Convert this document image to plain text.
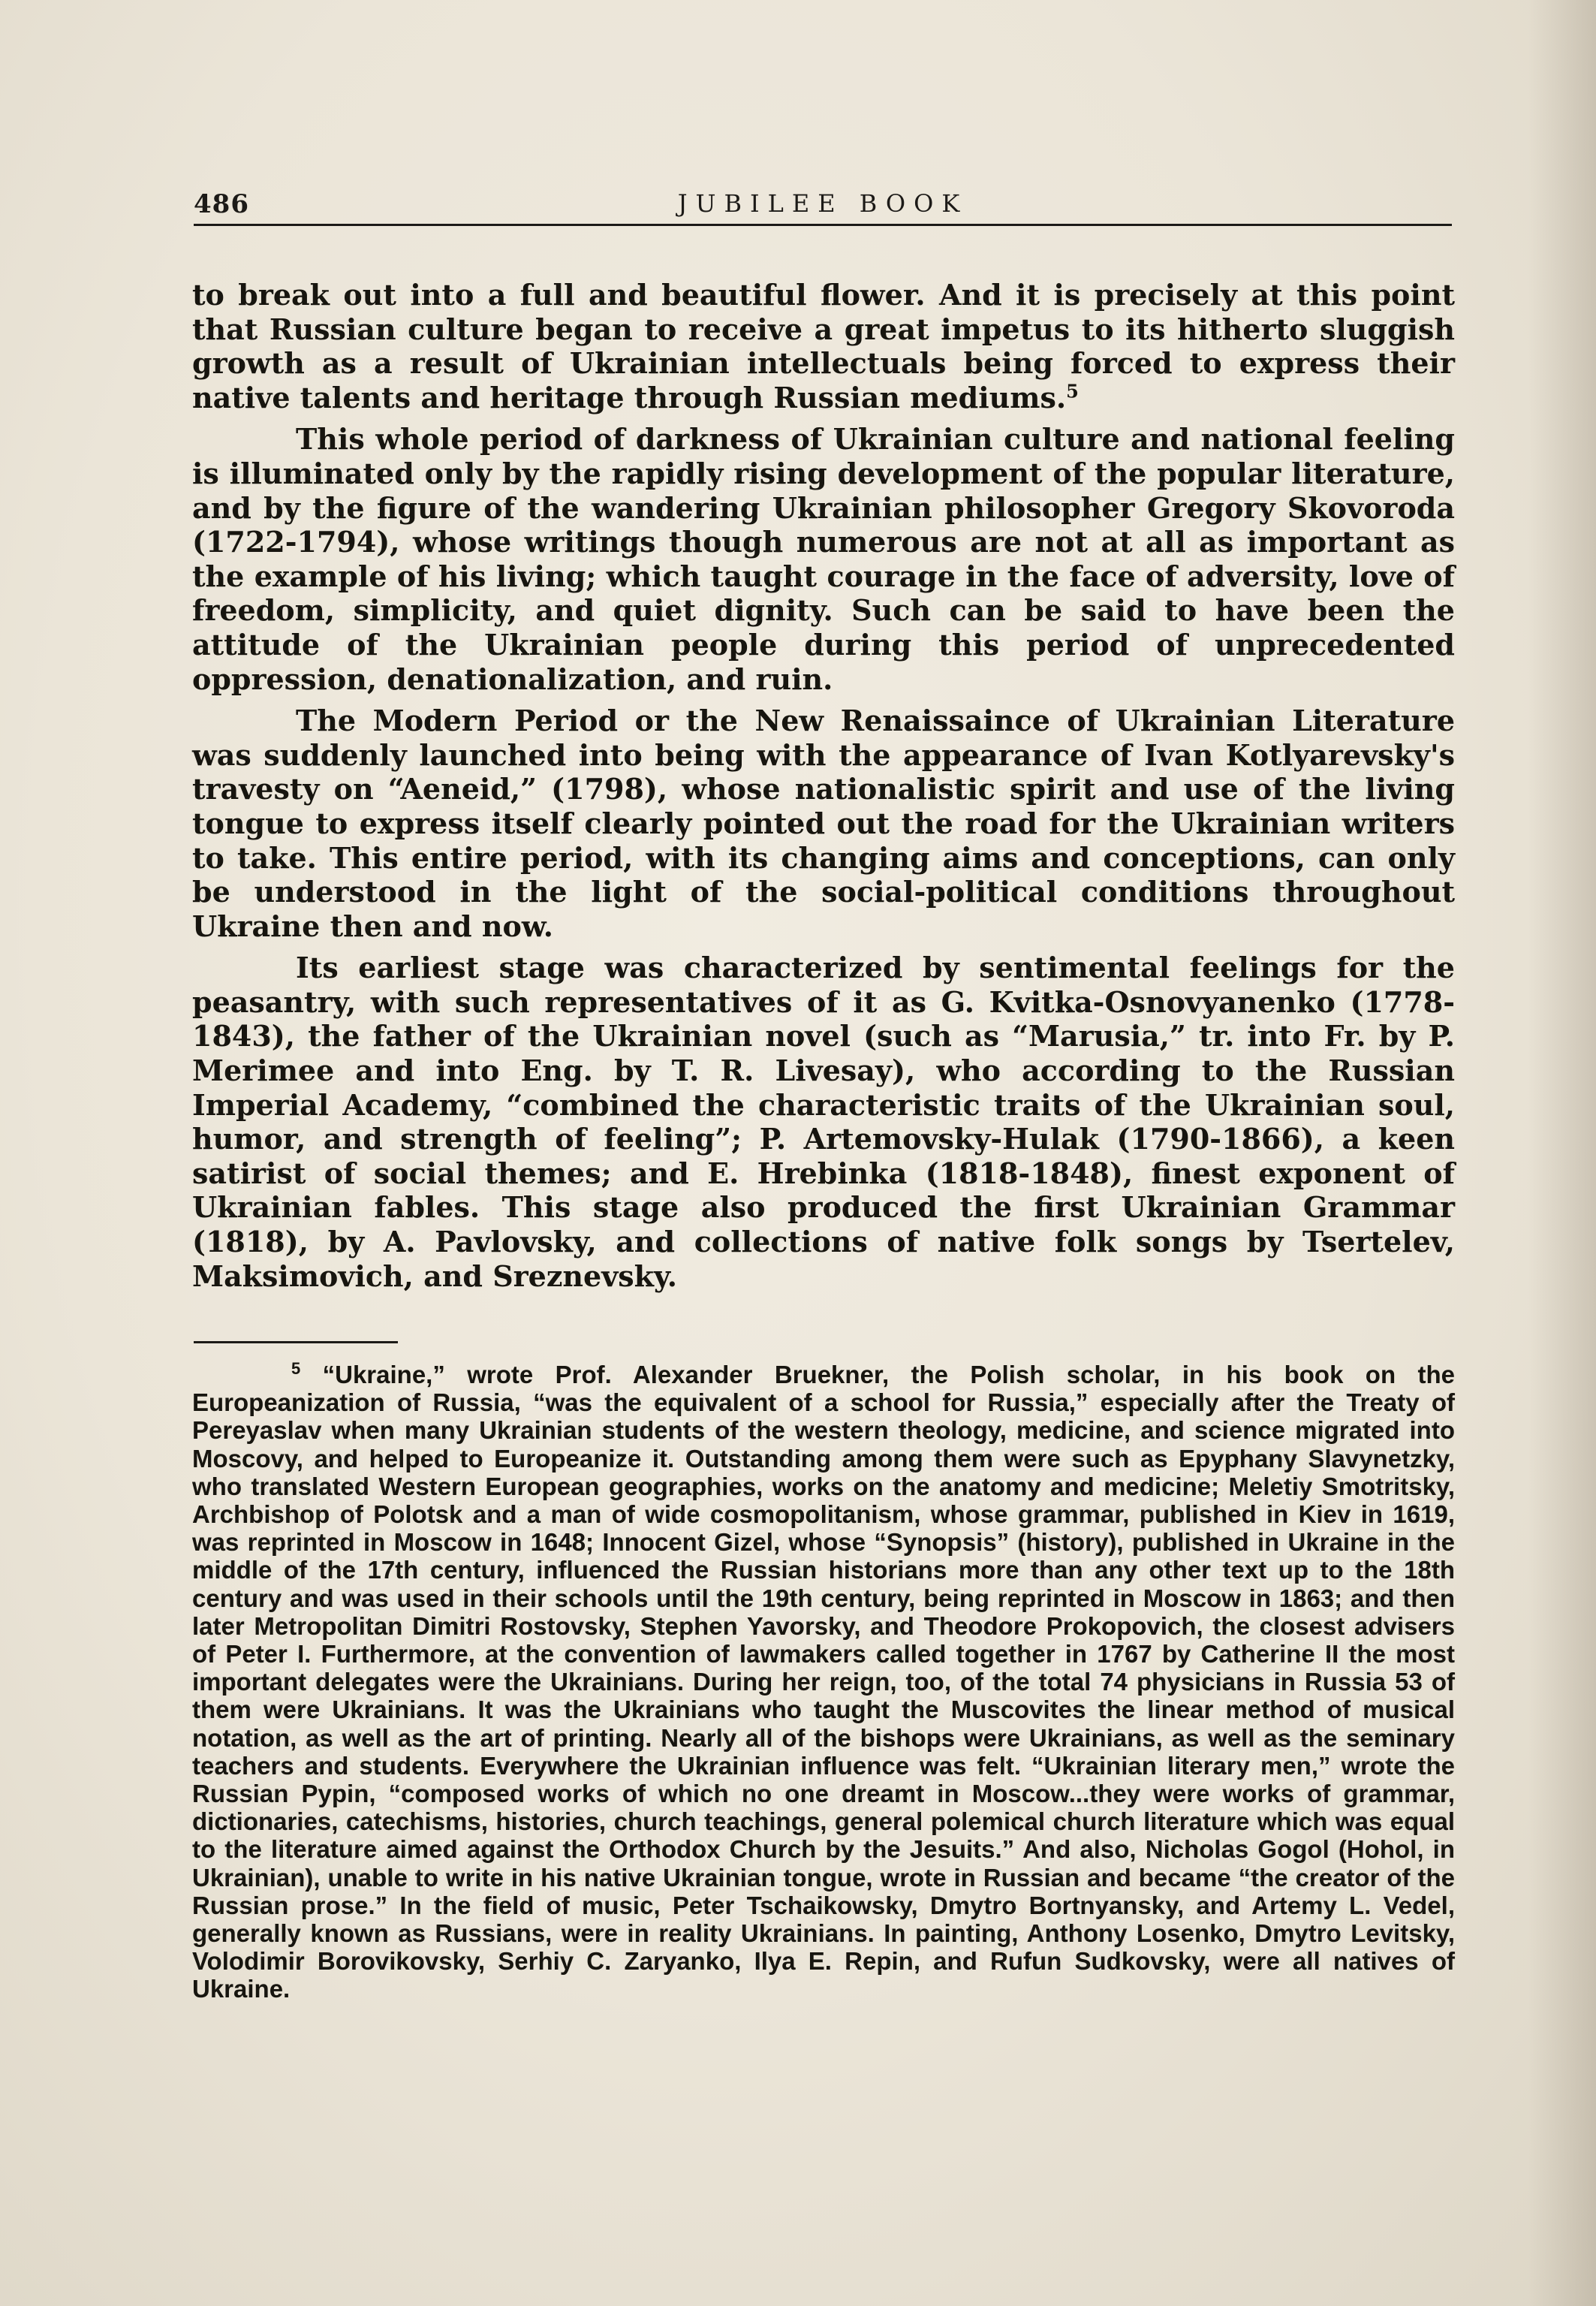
486	JUBILEE BOOK

to break out into a full and beautiful flower. And it is precisely at this point that Russian culture began to receive a great impetus to its hitherto sluggish growth as a result of Ukrainian intellectuals being forced to express their native talents and heritage through Russian mediums.$^5$

This whole period of darkness of Ukrainian culture and national feeling is illuminated only by the rapidly rising development of the popular literature, and by the figure of the wandering Ukrainian philosopher Gregory Skovoroda (1722-1794), whose writings though numerous are not at all as important as the example of his living; which taught courage in the face of adversity, love of freedom, simplicity, and quiet dignity. Such can be said to have been the attitude of the Ukrainian people during this period of unprecedented oppression, denationalization, and ruin.

The Modern Period or the New Renaissaince of Ukrainian Literature was suddenly launched into being with the appearance of Ivan Kotlyarevsky's travesty on “Aeneid,” (1798), whose nationalistic spirit and use of the living tongue to express itself clearly pointed out the road for the Ukrainian writers to take. This entire period, with its changing aims and conceptions, can only be understood in the light of the social-political conditions throughout Ukraine then and now.

Its earliest stage was characterized by sentimental feelings for the peasantry, with such representatives of it as G. Kvitka-Osnovyanenko (1778-1843), the father of the Ukrainian novel (such as “Marusia,” tr. into Fr. by P. Merimee and into Eng. by T. R. Livesay), who according to the Russian Imperial Academy, “combined the characteristic traits of the Ukrainian soul, humor, and strength of feeling”; P. Artemovsky-Hulak (1790-1866), a keen satirist of social themes; and E. Hrebinka (1818-1848), finest exponent of Ukrainian fables. This stage also produced the first Ukrainian Grammar (1818), by A. Pavlovsky, and collections of native folk songs by Tsertelev, Maksimovich, and Sreznevsky.

$^5$ “Ukraine,” wrote Prof. Alexander Bruekner, the Polish scholar, in his book on the Europeanization of Russia, “was the equivalent of a school for Russia,” especially after the Treaty of Pereyaslav when many Ukrainian students of the western theology, medicine, and science migrated into Moscovy, and helped to Europeanize it. Outstanding among them were such as Epyphany Slavynetzky, who translated Western European geographies, works on the anatomy and medicine; Meletiy Smotritsky, Archbishop of Polotsk and a man of wide cosmopolitanism, whose grammar, published in Kiev in 1619, was reprinted in Moscow in 1648; Innocent Gizel, whose “Synopsis” (history), published in Ukraine in the middle of the 17th century, influenced the Russian historians more than any other text up to the 18th century and was used in their schools until the 19th century, being reprinted in Moscow in 1863; and then later Metropolitan Dimitri Rostovsky, Stephen Yavorsky, and Theodore Prokopovich, the closest advisers of Peter I. Furthermore, at the convention of lawmakers called together in 1767 by Catherine II the most important delegates were the Ukrainians. During her reign, too, of the total 74 physicians in Russia 53 of them were Ukrainians. It was the Ukrainians who taught the Muscovites the linear method of musical notation, as well as the art of printing. Nearly all of the bishops were Ukrainians, as well as the seminary teachers and students. Everywhere the Ukrainian influence was felt. “Ukrainian literary men,” wrote the Russian Pypin, “composed works of which no one dreamt in Moscow...they were works of grammar, dictionaries, catechisms, histories, church teachings, general polemical church literature which was equal to the literature aimed against the Orthodox Church by the Jesuits.” And also, Nicholas Gogol (Hohol, in Ukrainian), unable to write in his native Ukrainian tongue, wrote in Russian and became “the creator of the Russian prose.” In the field of music, Peter Tschaikowsky, Dmytro Bortnyansky, and Artemy L. Vedel, generally known as Russians, were in reality Ukrainians. In painting, Anthony Losenko, Dmytro Levitsky, Volodimir Borovikovsky, Serhiy C. Zaryanko, Ilya E. Repin, and Rufun Sudkovsky, were all natives of Ukraine.
